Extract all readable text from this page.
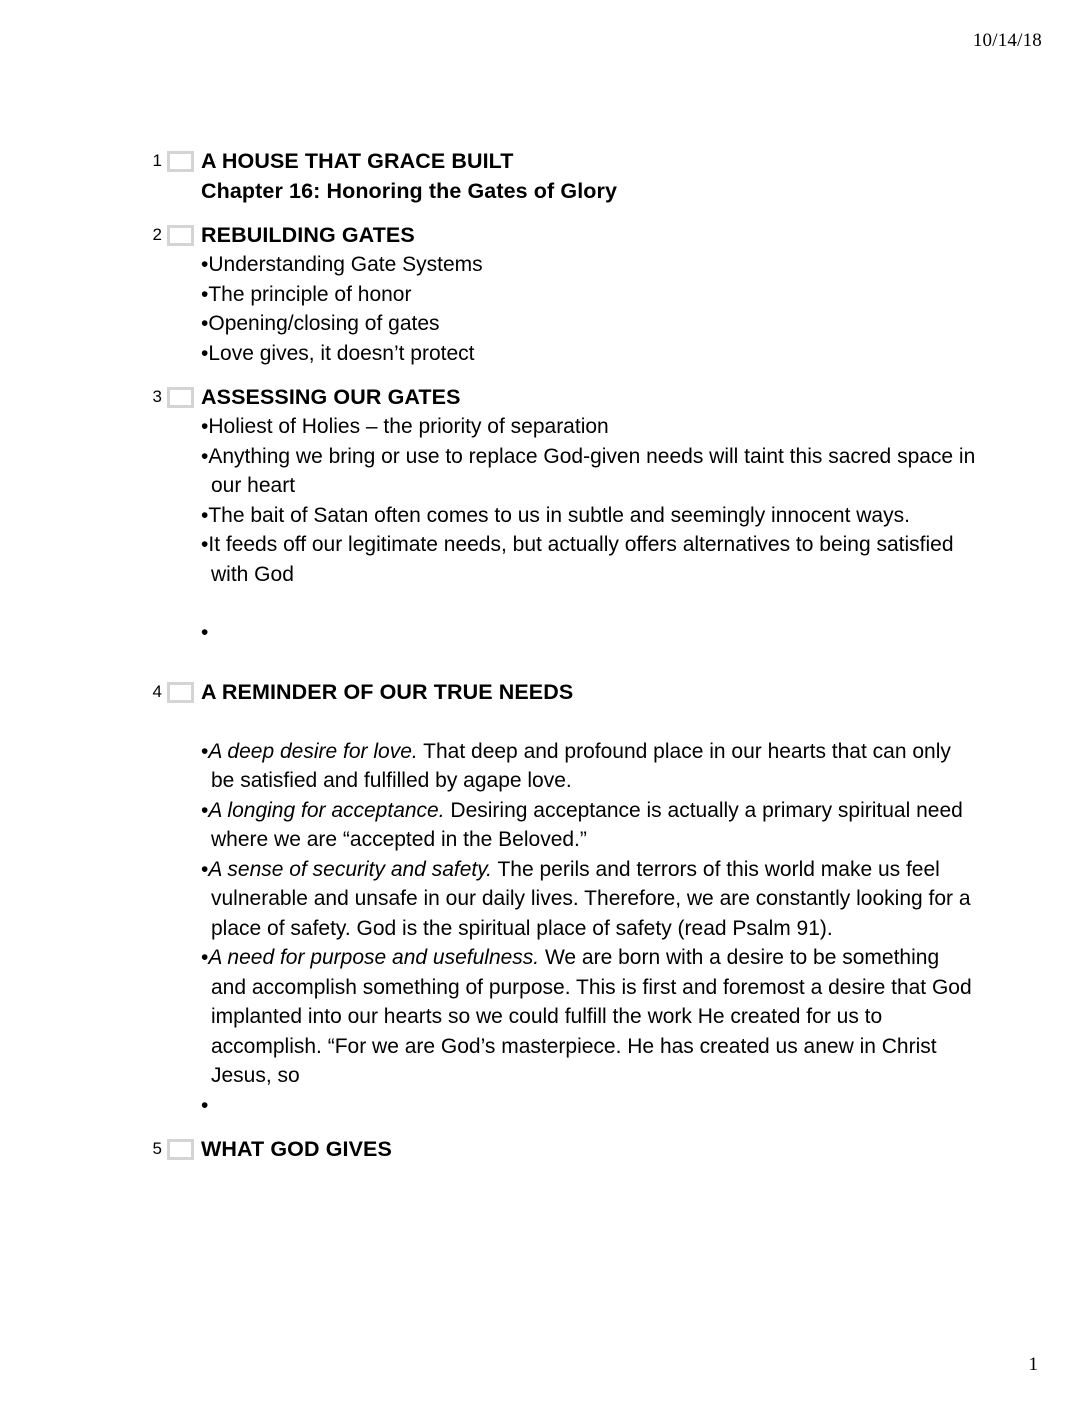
10/14/18
1 A HOUSE THAT GRACE BUILT
Chapter 16: Honoring the Gates of Glory
2 REBUILDING GATES
•Understanding Gate Systems
•The principle of honor
•Opening/closing of gates
•Love gives, it doesn’t protect
3 ASSESSING OUR GATES
•Holiest of Holies – the priority of separation
•Anything we bring or use to replace God-given needs will taint this sacred space in our heart
•The bait of Satan often comes to us in subtle and seemingly innocent ways.
•It feeds off our legitimate needs, but actually offers alternatives to being satisfied with God
•
4 A REMINDER OF OUR TRUE NEEDS
•A deep desire for love. That deep and profound place in our hearts that can only be satisfied and fulfilled by agape love.
•A longing for acceptance. Desiring acceptance is actually a primary spiritual need where we are “accepted in the Beloved.”
•A sense of security and safety. The perils and terrors of this world make us feel vulnerable and unsafe in our daily lives. Therefore, we are constantly looking for a place of safety. God is the spiritual place of safety (read Psalm 91).
•A need for purpose and usefulness. We are born with a desire to be something and accomplish something of purpose. This is first and foremost a desire that God implanted into our hearts so we could fulfill the work He created for us to accomplish. “For we are God’s masterpiece. He has created us anew in Christ Jesus, so
•
5 WHAT GOD GIVES
1
